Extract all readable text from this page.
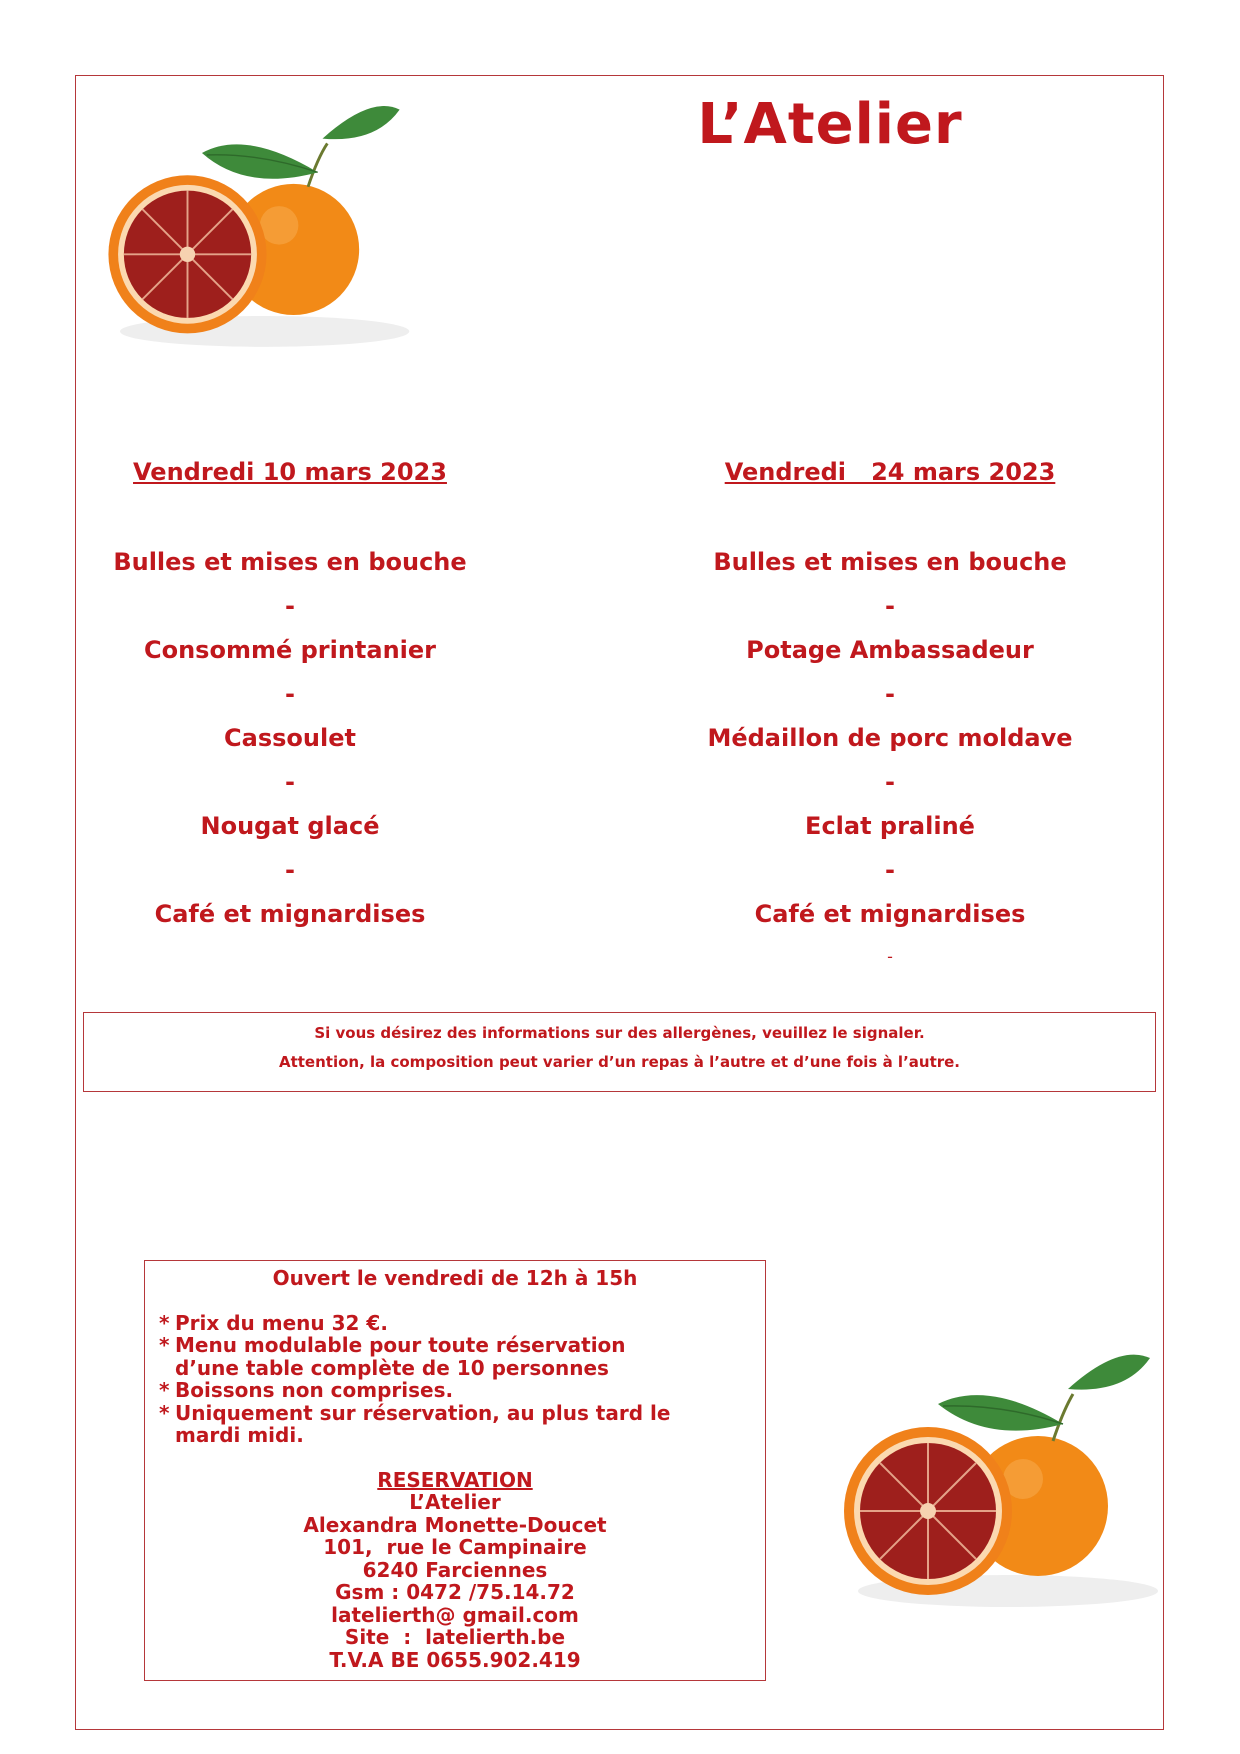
L’Atelier
Vendredi 10 mars 2023
Bulles et mises en bouche
-
Consommé printanier
-
Cassoulet
-
Nougat glacé
-
Café et mignardises
Vendredi   24 mars 2023
Bulles et mises en bouche
-
Potage Ambassadeur
-
Médaillon de porc moldave
-
Eclat praliné
-
Café et mignardises
-
Si vous désirez des informations sur des allergènes, veuillez le signaler.
Attention, la composition peut varier d’un repas à l’autre et d’une fois à l’autre.
Ouvert le vendredi de 12h à 15h
* Prix du menu 32 €.
* Menu modulable pour toute réservation
d’une table complète de 10 personnes
* Boissons non comprises.
* Uniquement sur réservation, au plus tard le
mardi midi.
RESERVATION
L’Atelier
Alexandra Monette-Doucet
101,  rue le Campinaire
6240 Farciennes
Gsm : 0472 /75.14.72
latelierth@ gmail.com
Site  :  latelierth.be
T.V.A BE 0655.902.419
